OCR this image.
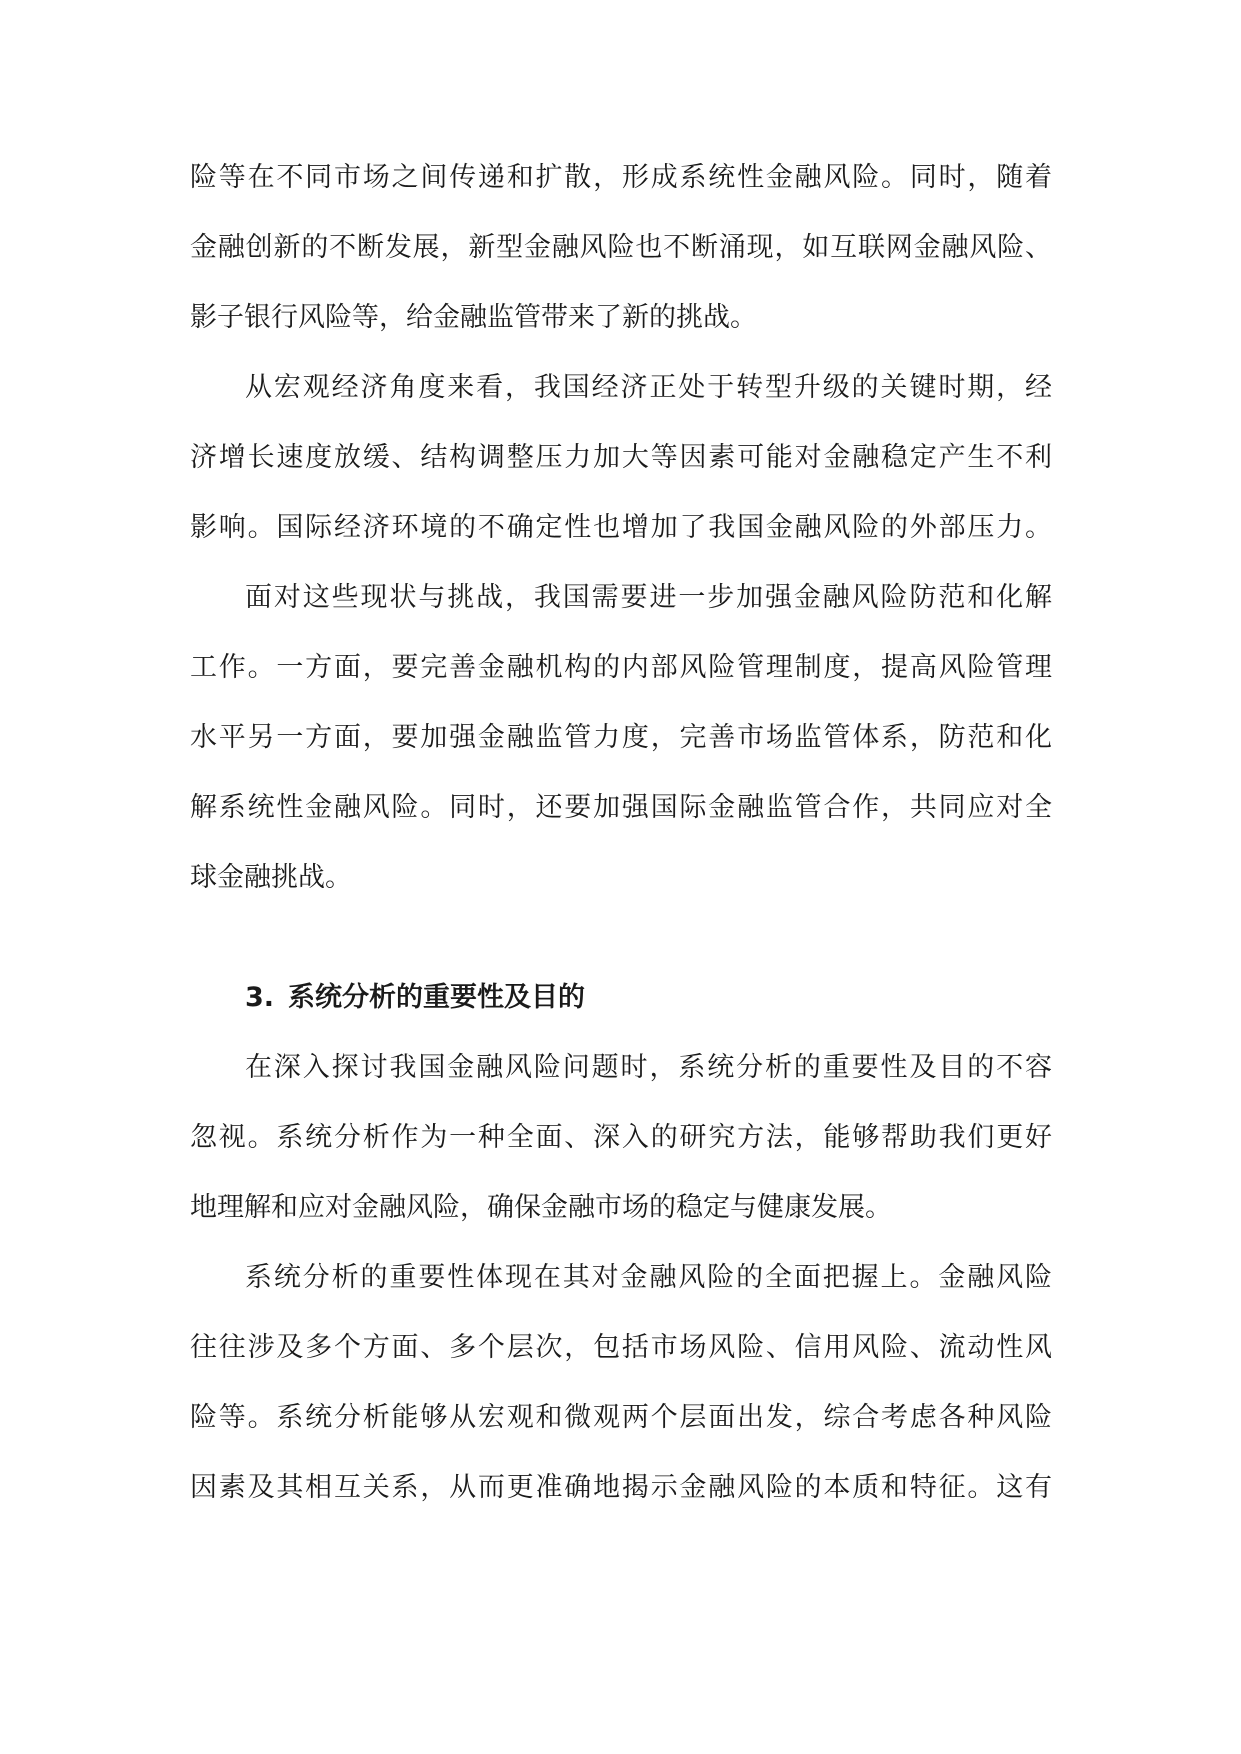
险等在不同市场之间传递和扩散，形成系统性金融风险。同时，随着
金融创新的不断发展，新型金融风险也不断涌现，如互联网金融风险、
影子银行风险等，给金融监管带来了新的挑战。
从宏观经济角度来看，我国经济正处于转型升级的关键时期，经
济增长速度放缓、结构调整压力加大等因素可能对金融稳定产生不利
影响。国际经济环境的不确定性也增加了我国金融风险的外部压力。
面对这些现状与挑战，我国需要进一步加强金融风险防范和化解
工作。一方面，要完善金融机构的内部风险管理制度，提高风险管理
水平另一方面，要加强金融监管力度，完善市场监管体系，防范和化
解系统性金融风险。同时，还要加强国际金融监管合作，共同应对全
球金融挑战。
3. 系统分析的重要性及目的
在深入探讨我国金融风险问题时，系统分析的重要性及目的不容
忽视。系统分析作为一种全面、深入的研究方法，能够帮助我们更好
地理解和应对金融风险，确保金融市场的稳定与健康发展。
系统分析的重要性体现在其对金融风险的全面把握上。金融风险
往往涉及多个方面、多个层次，包括市场风险、信用风险、流动性风
险等。系统分析能够从宏观和微观两个层面出发，综合考虑各种风险
因素及其相互关系，从而更准确地揭示金融风险的本质和特征。这有
